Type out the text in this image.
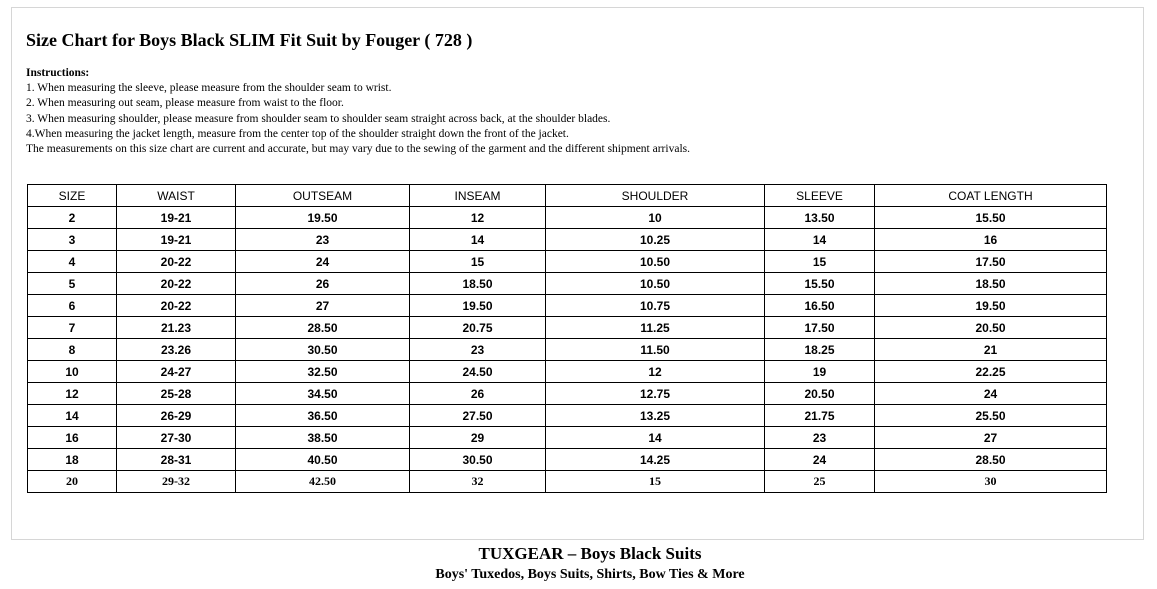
Size Chart for Boys Black SLIM Fit Suit by Fouger ( 728 )
Instructions:
1. When measuring the sleeve, please measure from the shoulder seam to wrist.
2. When measuring out seam, please measure from waist to the floor.
3. When measuring shoulder, please measure from shoulder seam to shoulder seam straight across back, at the shoulder blades.
4.When measuring the jacket length, measure from the center top of the shoulder straight down the front of the jacket.
The measurements on this size chart are current and accurate, but may vary due to the sewing of the garment and the different shipment arrivals.
SIZE	WAIST	OUTSEAM	INSEAM	SHOULDER	SLEEVE	COAT LENGTH
2	19-21	19.50	12	10	13.50	15.50
3	19-21	23	14	10.25	14	16
4	20-22	24	15	10.50	15	17.50
5	20-22	26	18.50	10.50	15.50	18.50
6	20-22	27	19.50	10.75	16.50	19.50
7	21.23	28.50	20.75	11.25	17.50	20.50
8	23.26	30.50	23	11.50	18.25	21
10	24-27	32.50	24.50	12	19	22.25
12	25-28	34.50	26	12.75	20.50	24
14	26-29	36.50	27.50	13.25	21.75	25.50
16	27-30	38.50	29	14	23	27
18	28-31	40.50	30.50	14.25	24	28.50
20	29-32	42.50	32	15	25	30
TUXGEAR – Boys Black Suits
Boys' Tuxedos, Boys Suits, Shirts, Bow Ties & More
